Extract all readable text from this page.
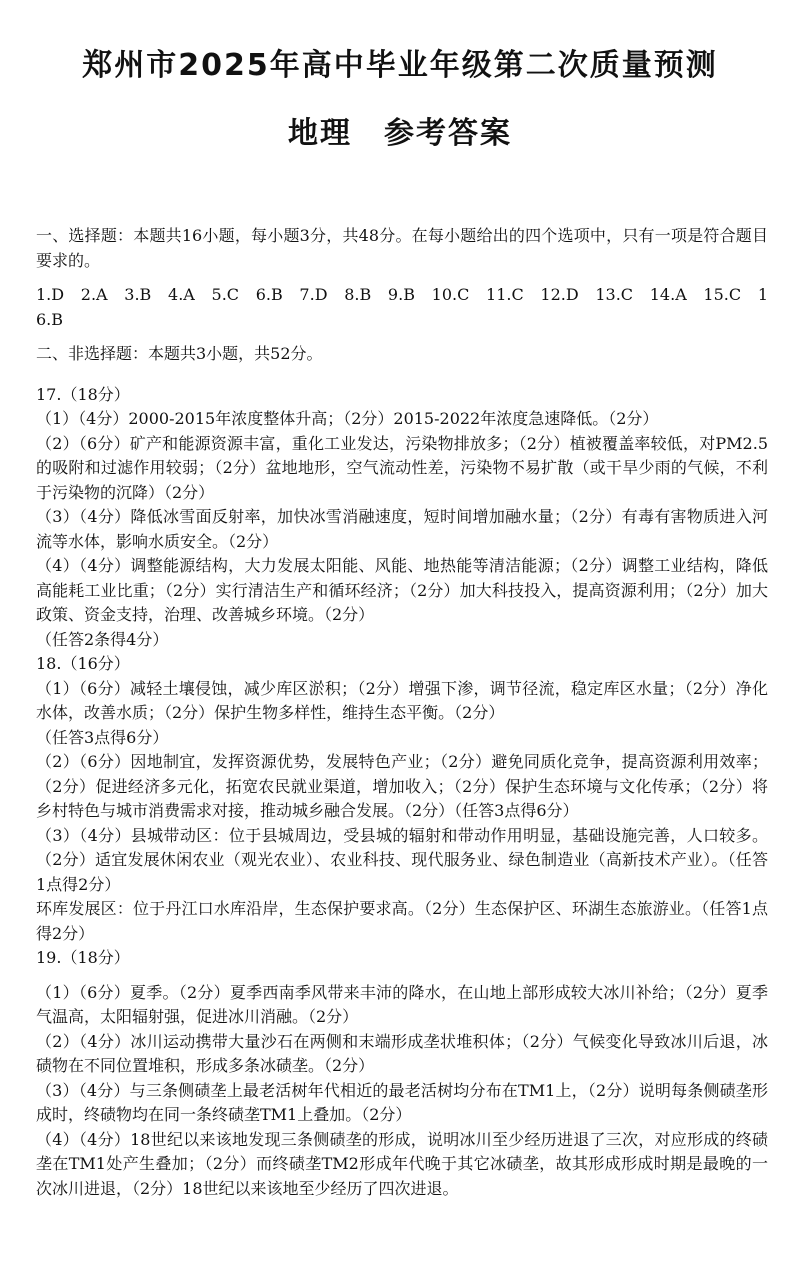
郑州市2025年高中毕业年级第二次质量预测
地理　参考答案

一、选择题：本题共16小题，每小题3分，共48分。在每小题给出的四个选项中，只有一项是符合题目要求的。

1.D　2.A　3.B　4.A　5.C　6.B　7.D　8.B　9.B　10.C　11.C　12.D　13.C　14.A　15.C　16.B

二、非选择题：本题共3小题，共52分。

17.（18分）

（1）（4分）2000-2015年浓度整体升高；（2分）2015-2022年浓度急速降低。（2分）

（2）（6分）矿产和能源资源丰富，重化工业发达，污染物排放多；（2分）植被覆盖率较低，对PM2.5的吸附和过滤作用较弱；（2分）盆地地形，空气流动性差，污染物不易扩散（或干旱少雨的气候，不利于污染物的沉降）（2分）

（3）（4分）降低冰雪面反射率，加快冰雪消融速度，短时间增加融水量；（2分）有毒有害物质进入河流等水体，影响水质安全。（2分）

（4）（4分）调整能源结构，大力发展太阳能、风能、地热能等清洁能源；（2分）调整工业结构，降低高能耗工业比重；（2分）实行清洁生产和循环经济；（2分）加大科技投入，提高资源利用；（2分）加大政策、资金支持，治理、改善城乡环境。（2分）

（任答2条得4分）

18.（16分）

（1）（6分）减轻土壤侵蚀，减少库区淤积；（2分）增强下渗，调节径流，稳定库区水量；（2分）净化水体，改善水质；（2分）保护生物多样性，维持生态平衡。（2分）

（任答3点得6分）

（2）（6分）因地制宜，发挥资源优势，发展特色产业；（2分）避免同质化竞争，提高资源利用效率；（2分）促进经济多元化，拓宽农民就业渠道，增加收入；（2分）保护生态环境与文化传承；（2分）将乡村特色与城市消费需求对接，推动城乡融合发展。（2分）（任答3点得6分）

（3）（4分）县城带动区：位于县城周边，受县城的辐射和带动作用明显，基础设施完善，人口较多。（2分）适宜发展休闲农业（观光农业）、农业科技、现代服务业、绿色制造业（高新技术产业）。（任答1点得2分）

环库发展区：位于丹江口水库沿岸，生态保护要求高。（2分）生态保护区、环湖生态旅游业。（任答1点得2分）

19.（18分）

（1）（6分）夏季。（2分）夏季西南季风带来丰沛的降水，在山地上部形成较大冰川补给；（2分）夏季气温高，太阳辐射强，促进冰川消融。（2分）

（2）（4分）冰川运动携带大量沙石在两侧和末端形成垄状堆积体；（2分）气候变化导致冰川后退，冰碛物在不同位置堆积，形成多条冰碛垄。（2分）

（3）（4分）与三条侧碛垄上最老活树年代相近的最老活树均分布在TM1上，（2分）说明每条侧碛垄形成时，终碛物均在同一条终碛垄TM1上叠加。（2分）

（4）（4分）18世纪以来该地发现三条侧碛垄的形成，说明冰川至少经历进退了三次，对应形成的终碛垄在TM1处产生叠加；（2分）而终碛垄TM2形成年代晚于其它冰碛垄，故其形成形成时期是最晚的一次冰川进退，（2分）18世纪以来该地至少经历了四次进退。
